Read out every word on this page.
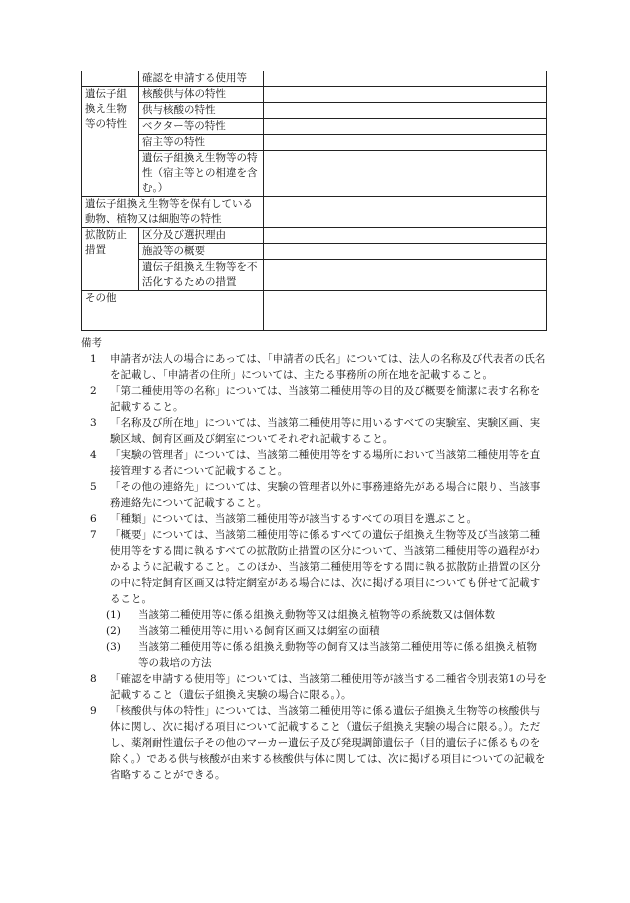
	確認を申請する使用等	
遺伝子組換え生物等の特性	核酸供与体の特性	
	供与核酸の特性	
	ベクター等の特性	
	宿主等の特性	
	遺伝子組換え生物等の特性（宿主等との相違を含む。）	
遺伝子組換え生物等を保有している動物、植物又は細胞等の特性		
拡散防止措置	区分及び選択理由	
	施設等の概要	
	遺伝子組換え生物等を不活化するための措置	
その他		

備考

1 申請者が法人の場合にあっては、「申請者の氏名」については、法人の名称及び代表者の氏名を記載し、「申請者の住所」については、主たる事務所の所在地を記載すること。

2 「第二種使用等の名称」については、当該第二種使用等の目的及び概要を簡潔に表す名称を記載すること。

3 「名称及び所在地」については、当該第二種使用等に用いるすべての実験室、実験区画、実験区域、飼育区画及び網室についてそれぞれ記載すること。

4 「実験の管理者」については、当該第二種使用等をする場所において当該第二種使用等を直接管理する者について記載すること。

5 「その他の連絡先」については、実験の管理者以外に事務連絡先がある場合に限り、当該事務連絡先について記載すること。

6 「種類」については、当該第二種使用等が該当するすべての項目を選ぶこと。

7 「概要」については、当該第二種使用等に係るすべての遺伝子組換え生物等及び当該第二種使用等をする間に執るすべての拡散防止措置の区分について、当該第二種使用等の過程がわかるように記載すること。このほか、当該第二種使用等をする間に執る拡散防止措置の区分の中に特定飼育区画又は特定網室がある場合には、次に掲げる項目についても併せて記載すること。

(1) 当該第二種使用等に係る組換え動物等又は組換え植物等の系統数又は個体数

(2) 当該第二種使用等に用いる飼育区画又は網室の面積

(3) 当該第二種使用等に係る組換え動物等の飼育又は当該第二種使用等に係る組換え植物等の栽培の方法

8 「確認を申請する使用等」については、当該第二種使用等が該当する二種省令別表第1の号を記載すること（遺伝子組換え実験の場合に限る。）。

9 「核酸供与体の特性」については、当該第二種使用等に係る遺伝子組換え生物等の核酸供与体に関し、次に掲げる項目について記載すること（遺伝子組換え実験の場合に限る。）。ただし、薬剤耐性遺伝子その他のマーカー遺伝子及び発現調節遺伝子（目的遺伝子に係るものを除く。）である供与核酸が由来する核酸供与体に関しては、次に掲げる項目についての記載を省略することができる。
